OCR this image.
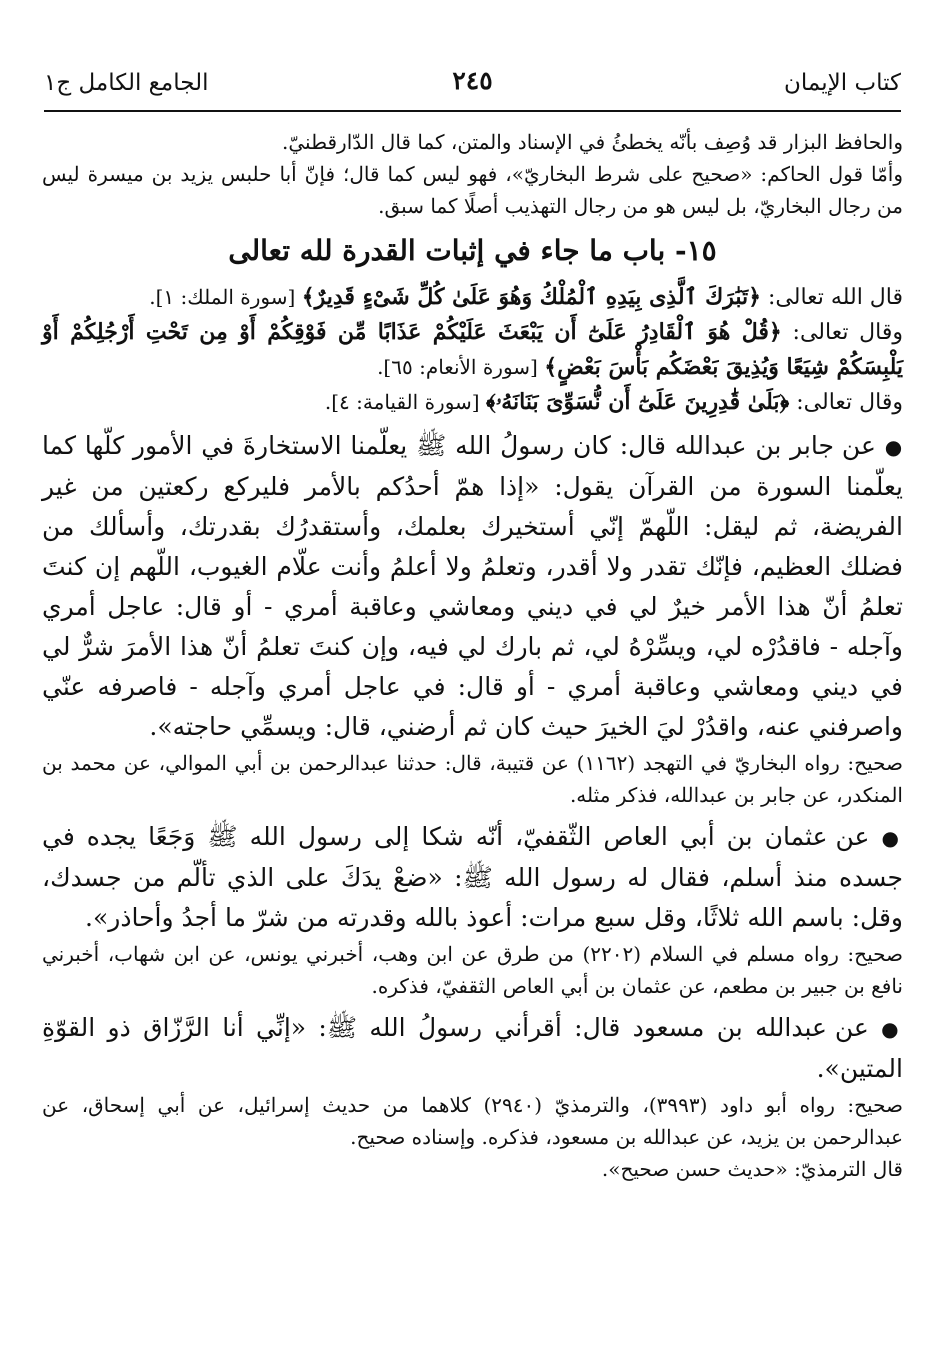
كتاب الإيمان
٢٤٥
الجامع الكامل ج١

والحافظ البزار قد وُصِف بأنّه يخطئُ في الإسناد والمتن، كما قال الدّارقطنيّ.

وأمّا قول الحاكم: «صحيح على شرط البخاريّ»، فهو ليس كما قال؛ فإنّ أبا حلبس يزيد بن ميسرة ليس من رجال البخاريّ، بل ليس هو من رجال التهذيب أصلًا كما سبق.

١٥- باب ما جاء في إثبات القدرة لله تعالى

قال الله تعالى: ﴿تَبَٰرَكَ ٱلَّذِى بِيَدِهِ ٱلْمُلْكُ وَهُوَ عَلَىٰ كُلِّ شَىْءٍ قَدِيرٌ﴾ [سورة الملك: ١].

وقال تعالى: ﴿قُلْ هُوَ ٱلْقَادِرُ عَلَىٰٓ أَن يَبْعَثَ عَلَيْكُمْ عَذَابًا مِّن فَوْقِكُمْ أَوْ مِن تَحْتِ أَرْجُلِكُمْ أَوْ يَلْبِسَكُمْ شِيَعًا وَيُذِيقَ بَعْضَكُم بَأْسَ بَعْضٍ﴾ [سورة الأنعام: ٦٥].

وقال تعالى: ﴿بَلَىٰ قَٰدِرِينَ عَلَىٰٓ أَن نُّسَوِّىَ بَنَانَهُۥ﴾ [سورة القيامة: ٤].

● عن جابر بن عبدالله قال: كان رسولُ الله ﷺ يعلّمنا الاستخارةَ في الأمور كلّها كما يعلّمنا السورة من القرآن يقول: «إذا همّ أحدُكم بالأمر فليركع ركعتين من غير الفريضة، ثم ليقل: اللّهمّ إنّي أستخيرك بعلمك، وأستقدرُك بقدرتك، وأسألك من فضلك العظيم، فإنّك تقدر ولا أقدر، وتعلمُ ولا أعلمُ وأنت علّام الغيوب، اللّهم إن كنتَ تعلمُ أنّ هذا الأمر خيرٌ لي في ديني ومعاشي وعاقبة أمري - أو قال: عاجل أمري وآجله - فاقدُرْه لي، ويسِّرْهُ لي، ثم بارك لي فيه، وإن كنتَ تعلمُ أنّ هذا الأمرَ شرٌّ لي في ديني ومعاشي وعاقبة أمري - أو قال: في عاجل أمري وآجله - فاصرفه عنّي واصرفني عنه، واقدُرْ ليَ الخيرَ حيث كان ثم أرضني، قال: ويسمِّي حاجته».

صحيح: رواه البخاريّ في التهجد (١١٦٢) عن قتيبة، قال: حدثنا عبدالرحمن بن أبي الموالي، عن محمد بن المنكدر، عن جابر بن عبدالله، فذكر مثله.

● عن عثمان بن أبي العاص الثّقفيّ، أنّه شكا إلى رسول الله ﷺ وَجَعًا يجده في جسده منذ أسلم، فقال له رسول الله ﷺ: «ضعْ يدَكَ على الذي تألّم من جسدك، وقل: باسم الله ثلاثًا، وقل سبع مرات: أعوذ بالله وقدرته من شرّ ما أجدُ وأحاذر».

صحيح: رواه مسلم في السلام (٢٢٠٢) من طرق عن ابن وهب، أخبرني يونس، عن ابن شهاب، أخبرني نافع بن جبير بن مطعم، عن عثمان بن أبي العاص الثقفيّ، فذكره.

● عن عبدالله بن مسعود قال: أقرأني رسولُ الله ﷺ: «إنِّي أنا الرَّزّاق ذو القوّةِ المتين».

صحيح: رواه أبو داود (٣٩٩٣)، والترمذيّ (٢٩٤٠) كلاهما من حديث إسرائيل، عن أبي إسحاق، عن عبدالرحمن بن يزيد، عن عبدالله بن مسعود، فذكره. وإسناده صحيح.

قال الترمذيّ: «حديث حسن صحيح».
